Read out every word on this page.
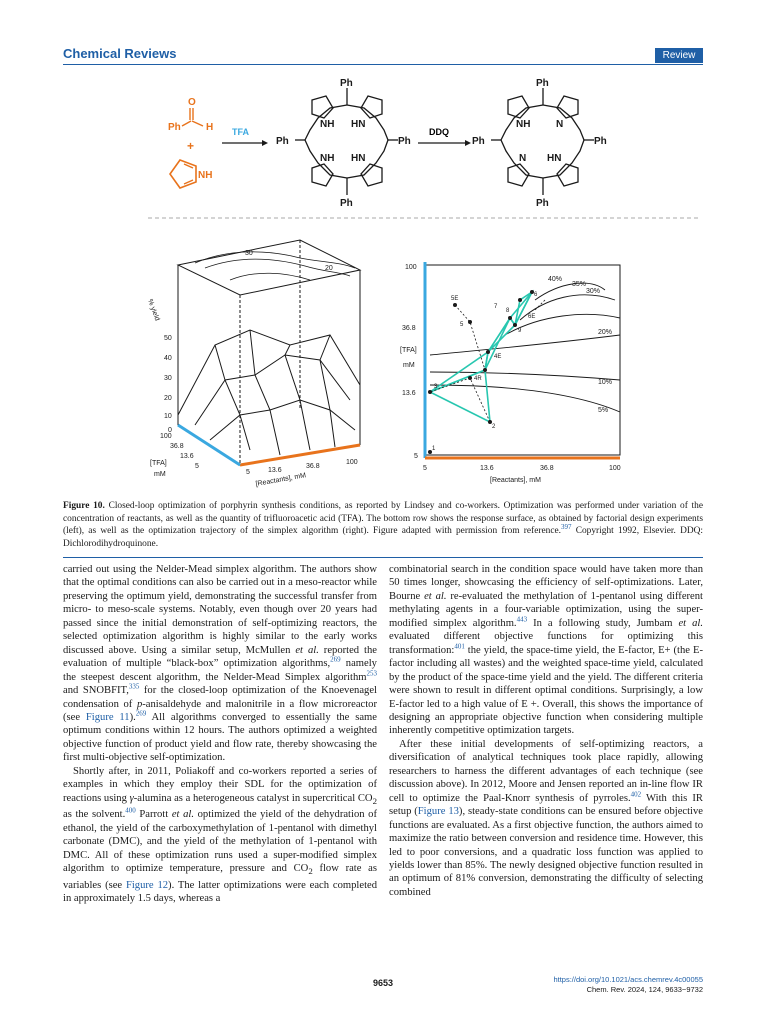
Chemical Reviews	Review
O
Ph	H
+
NH
TFA	DDQ
Ph
Ph
Ph	Ph
NH HN
NH HN
Ph
Ph
Ph	Ph
NH	N
N HN
% yield
50
40
30
20
10
0
100
36.8
13.6
5
[TFA]
mM	5	13.6
36.8
100
[Reactants], mM
30
20	100
36.8
[TFA]
mM
13.6
5
5	13.6	36.8	100
[Reactants], mM
40%
35%
30%
20%
10%
5%
5E
5
6
6E
7
8
9
4E
4R
2
1
3
Figure 10. Closed-loop optimization of porphyrin synthesis conditions, as reported by Lindsey and co-workers. Optimization was performed under variation of the concentration of reactants, as well as the quantity of trifluoroacetic acid (TFA). The bottom row shows the response surface, as obtained by factorial design experiments (left), as well as the optimization trajectory of the simplex algorithm (right). Figure adapted with permission from reference.$^{397}$ Copyright 1992, Elsevier. DDQ: Dichlorodihydroquinone.

carried out using the Nelder-Mead simplex algorithm. The authors show that the optimal conditions can also be carried out in a meso-reactor while preserving the optimum yield, demonstrating the successful transfer from micro- to meso-scale systems. Notably, even though over 20 years had passed since the initial demonstration of self-optimizing reactors, the selected optimization algorithm is highly similar to the early works discussed above. Using a similar setup, McMullen et al. reported the evaluation of multiple “black-box” optimization algorithms,$^{269}$ namely the steepest descent algorithm, the Nelder-Mead Simplex algorithm$^{253}$ and SNOBFIT,$^{335}$ for the closed-loop optimization of the Knoevenagel condensation of p-anisaldehyde and malonitrile in a flow microreactor (see Figure 11).$^{269}$ All algorithms converged to essentially the same optimum conditions within 12 hours. The authors optimized a weighted objective function of product yield and flow rate, thereby showcasing the first multi-objective self-optimization.

Shortly after, in 2011, Poliakoff and co-workers reported a series of examples in which they employ their SDL for the optimization of reactions using γ-alumina as a heterogeneous catalyst in supercritical $CO_2$ as the solvent.$^{400}$ Parrott et al. optimized the yield of the dehydration of ethanol, the yield of the carboxymethylation of 1-pentanol with dimethyl carbonate (DMC), and the yield of the methylation of 1-pentanol with DMC. All of these optimization runs used a super-modified simplex algorithm to optimize temperature, pressure and $CO_2$ flow rate as variables (see Figure 12). The latter optimizations were each completed in approximately 1.5 days, whereas a

combinatorial search in the condition space would have taken more than 50 times longer, showcasing the efficiency of self-optimizations. Later, Bourne et al. re-evaluated the methylation of 1-pentanol using different methylating agents in a four-variable optimization, using the super-modified simplex algorithm.$^{443}$ In a following study, Jumbam et al. evaluated different objective functions for optimizing this transformation:$^{401}$ the yield, the space-time yield, the E-factor, E+ (the E-factor including all wastes) and the weighted space-time yield, calculated by the product of the space-time yield and the yield. The different criteria were shown to result in different optimal conditions. Surprisingly, a low E-factor led to a high value of E +. Overall, this shows the importance of designing an appropriate objective function when considering multiple inherently competitive optimization targets.

After these initial developments of self-optimizing reactors, a diversification of analytical techniques took place rapidly, allowing researchers to harness the different advantages of each technique (see discussion above). In 2012, Moore and Jensen reported an in-line flow IR cell to optimize the Paal-Knorr synthesis of pyrroles.$^{402}$ With this IR setup (Figure 13), steady-state conditions can be ensured before objective functions are evaluated. As a first objective function, the authors aimed to maximize the ratio between conversion and residence time. However, this led to poor conversions, and a quadratic loss function was applied to yields lower than 85%. The newly designed objective function resulted in an optimum of 81% conversion, demonstrating the difficulty of selecting combined

9653	https://doi.org/10.1021/acs.chemrev.4c00055
Chem. Rev. 2024, 124, 9633−9732
